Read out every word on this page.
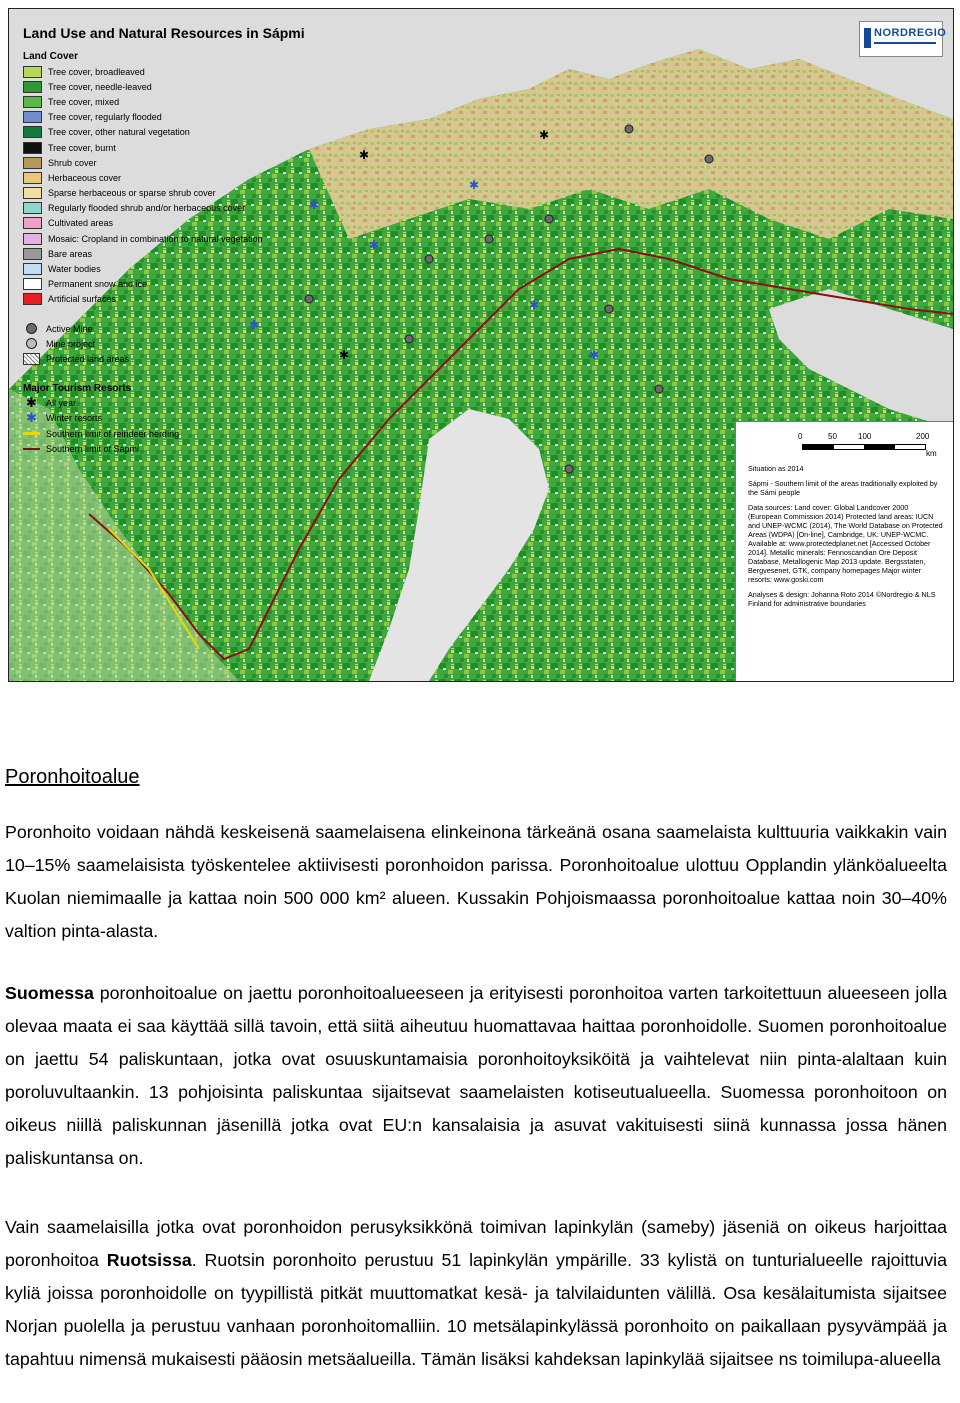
✱
✱
✱
✱
✱
✱
✱
✱
✱
Land Use and Natural Resources in Sápmi	NORDREGIO
Land Cover
Tree cover, broadleaved
Tree cover, needle-leaved
Tree cover, mixed
Tree cover, regularly flooded
Tree cover, other natural vegetation
Tree cover, burnt
Shrub cover
Herbaceous cover
Sparse herbaceous or sparse shrub cover
Regularly flooded shrub and/or herbaceous cover
Cultivated areas
Mosaic: Cropland in combination to natural vegetation
Bare areas
Water bodies
Permanent snow and ice
Artificial surfaces
Active Mine
Mine project
Protected land areas
Major Tourism Resorts
✱ All year
✱ Winter resorts
Southern limit of reindeer herding
Southern limit of Sápmi
0	50	100	200
km

Situation as 2014

Sápmi - Southern limit of the areas traditionally exploited by the Sámi people

Data sources: Land cover: Global Landcover 2000 (European Commission 2014) Protected land areas: IUCN and UNEP-WCMC (2014), The World Database on Protected Areas (WDPA) [On-line], Cambridge, UK: UNEP-WCMC. Available at: www.protectedplanet.net [Accessed October 2014]. Metallic minerals: Fennoscandian Ore Deposit Database, Metallogenic Map 2013 update. Bergsstaten, Bergvesenet, GTK, company homepages Major winter resorts: www.goski.com

Analyses & design: Johanna Roto 2014 ©Nordregio & NLS Finland for administrative boundaries

Poronhoitoalue

Poronhoito voidaan nähdä keskeisenä saamelaisena elinkeinona tärkeänä osana saamelaista kulttuuria vaikkakin vain 10–15% saamelaisista työskentelee aktiivisesti poronhoidon parissa. Poronhoitoalue ulottuu Opplandin ylänköalueelta Kuolan niemimaalle ja kattaa noin 500 000 km² alueen. Kussakin Pohjoismaassa poronhoitoalue kattaa noin 30–40% valtion pinta-alasta.

Suomessa poronhoitoalue on jaettu poronhoitoalueeseen ja erityisesti poronhoitoa varten tarkoitettuun alueeseen jolla olevaa maata ei saa käyttää sillä tavoin, että siitä aiheutuu huomattavaa haittaa poronhoidolle. Suomen poronhoitoalue on jaettu 54 paliskuntaan, jotka ovat osuuskuntamaisia poronhoitoyksiköitä ja vaihtelevat niin pinta-alaltaan kuin poroluvultaankin. 13 pohjoisinta paliskuntaa sijaitsevat saamelaisten kotiseutualueella. Suomessa poronhoitoon on oikeus niillä paliskunnan jäsenillä jotka ovat EU:n kansalaisia ja asuvat vakituisesti siinä kunnassa jossa hänen paliskuntansa on.

Vain saamelaisilla jotka ovat poronhoidon perusyksikkönä toimivan lapinkylän (sameby) jäseniä on oikeus harjoittaa poronhoitoa Ruotsissa. Ruotsin poronhoito perustuu 51 lapinkylän ympärille. 33 kylistä on tunturialueelle rajoittuvia kyliä joissa poronhoidolle on tyypillistä pitkät muuttomatkat kesä- ja talvilaidunten välillä. Osa kesälaitumista sijaitsee Norjan puolella ja perustuu vanhaan poronhoitomalliin. 10 metsälapinkylässä poronhoito on paikallaan pysyvämpää ja tapahtuu nimensä mukaisesti pääosin metsäalueilla. Tämän lisäksi kahdeksan lapinkylää sijaitsee ns toimilupa-alueella
